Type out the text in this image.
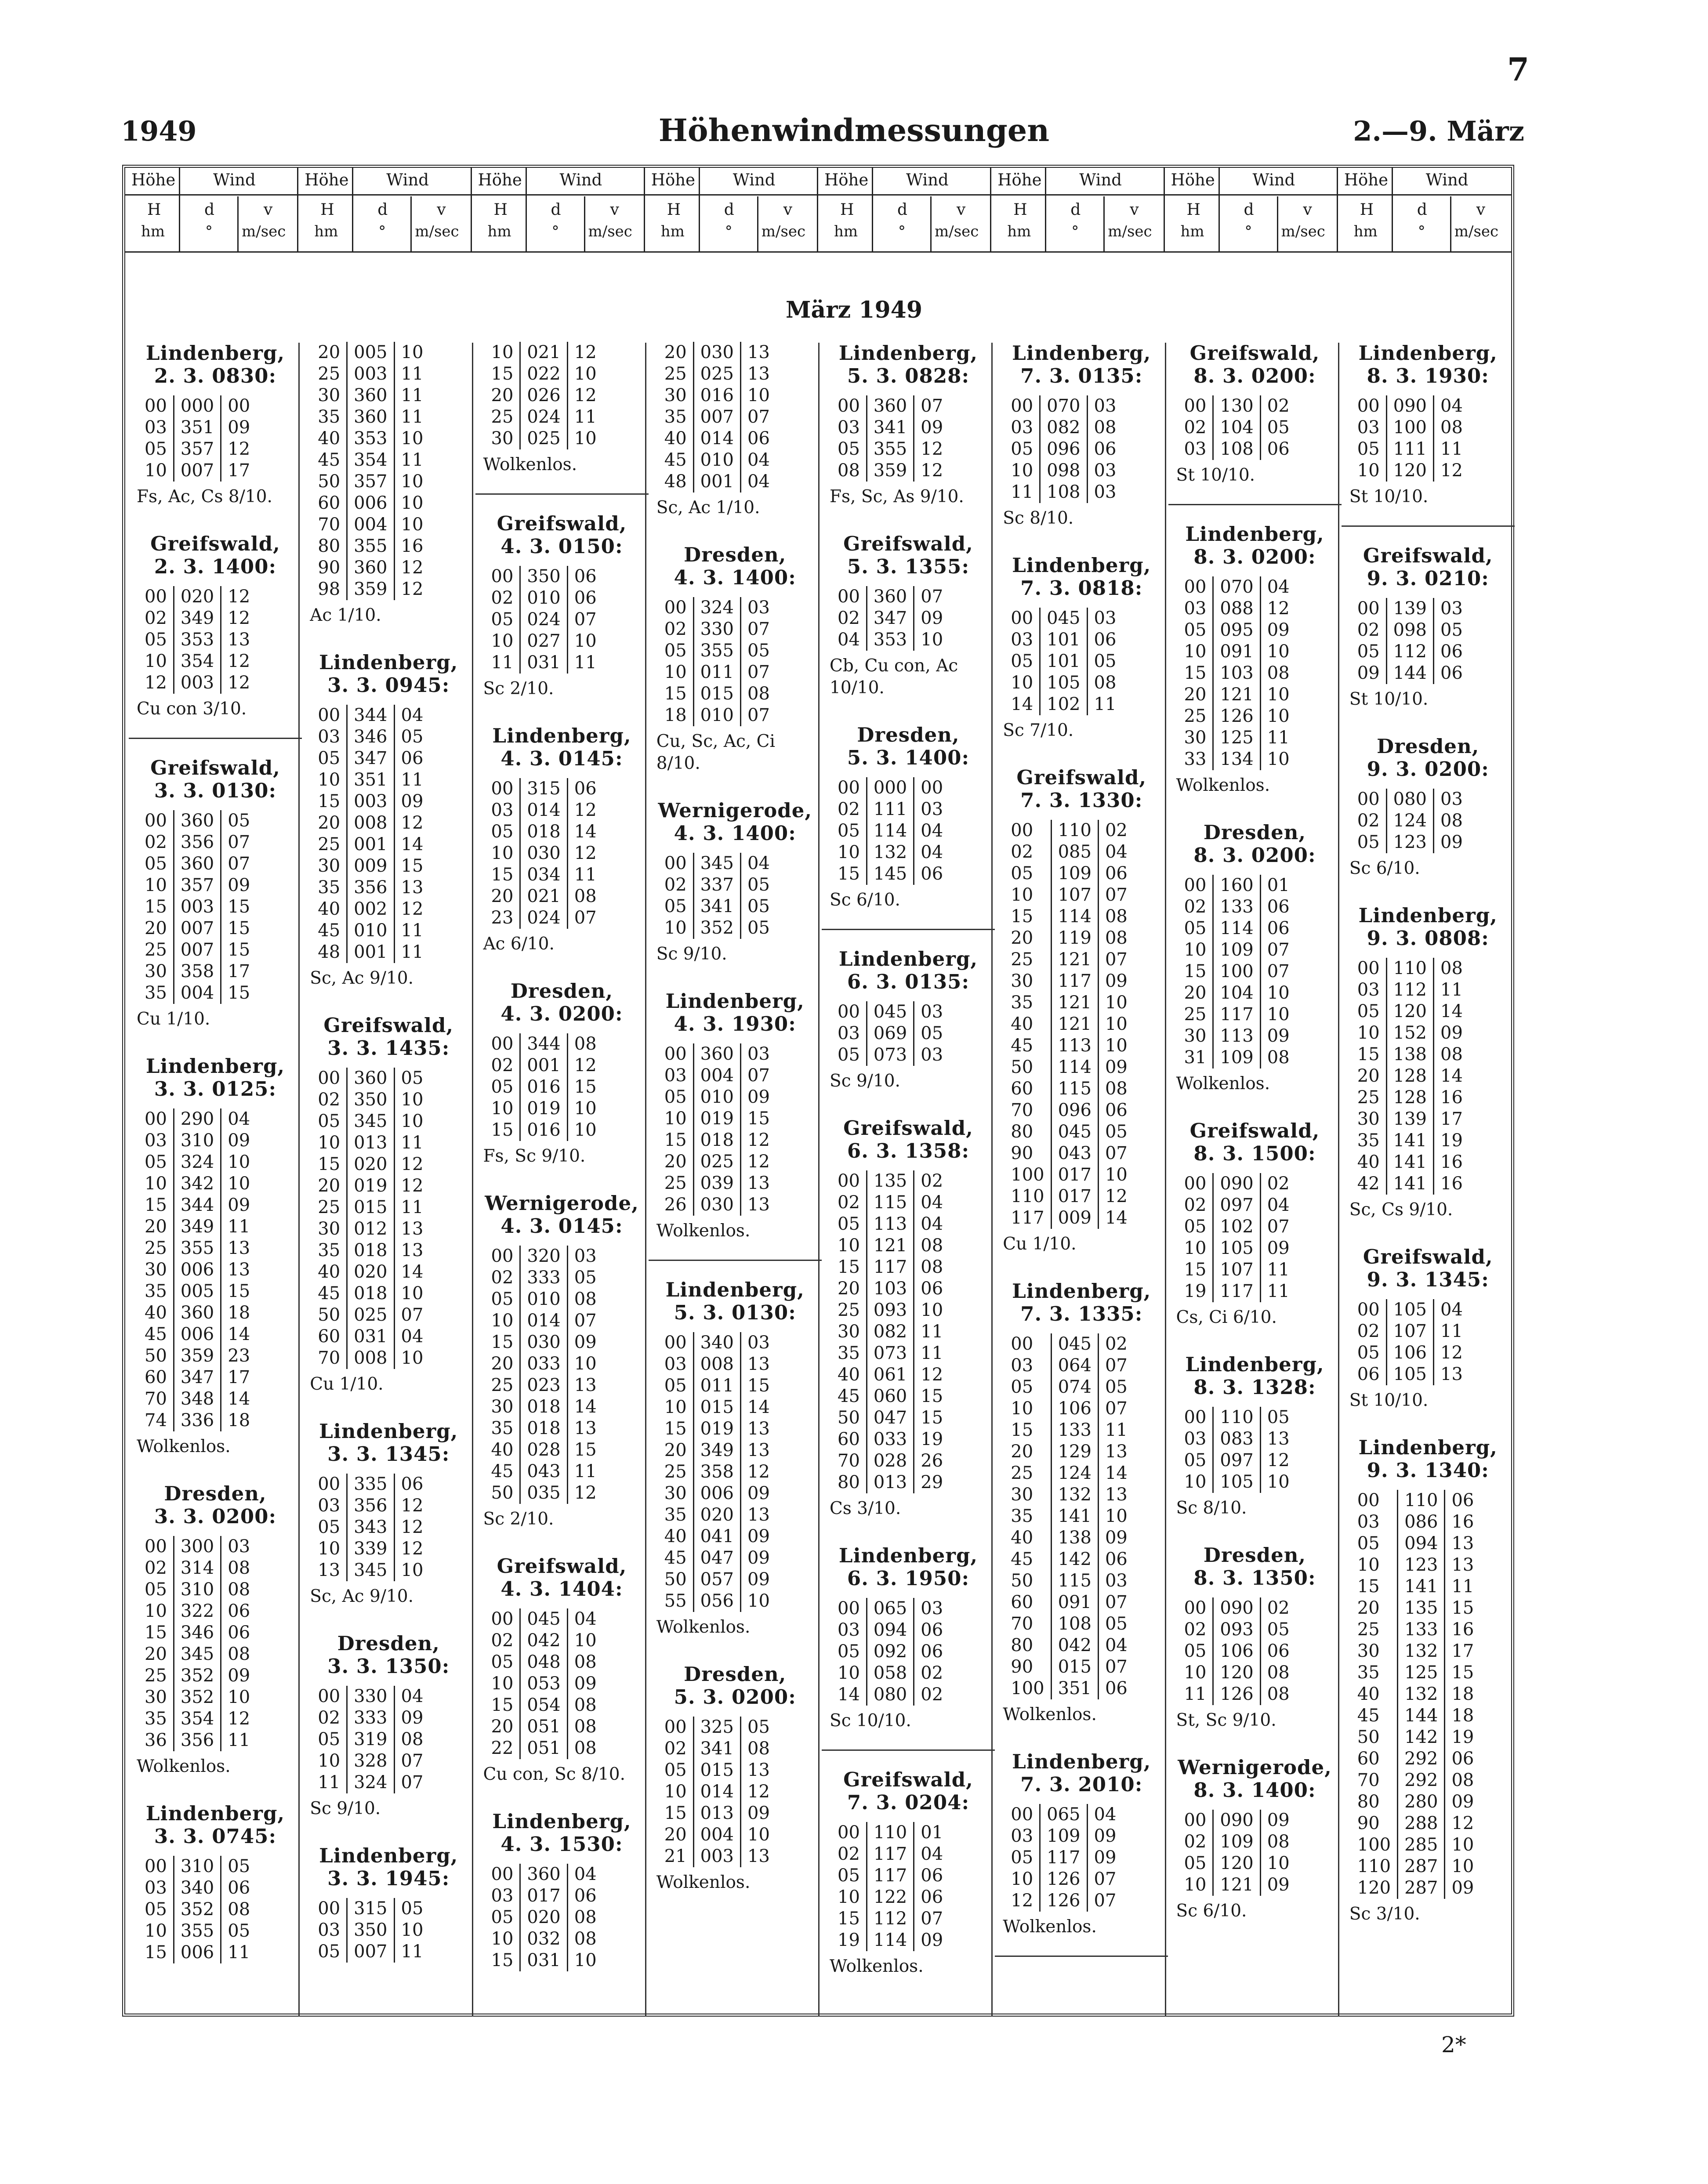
7
1949	Höhenwindmessungen	2.—9. März
Höhe Wind
H	d	v
hm	° m/sec
Höhe Wind
H	d	v
hm	° m/sec
Höhe Wind
H	d	v
hm	° m/sec
Höhe Wind
H	d	v
hm	° m/sec
Höhe Wind
H	d	v
hm	° m/sec
Höhe Wind
H	d	v
hm	° m/sec
Höhe Wind
H	d	v
hm	° m/sec
Höhe Wind
H	d	v
hm	° m/sec
März 1949
Lindenberg,
2. 3. 0830:
00	000	00
03	351	09
05	357	12
10	007	17
Fs, Ac, Cs 8/10.
Greifswald,
2. 3. 1400:
00	020	12
02	349	12
05	353	13
10	354	12
12	003	12
Cu con 3/10.
Greifswald,
3. 3. 0130:
00	360	05
02	356	07
05	360	07
10	357	09
15	003	15
20	007	15
25	007	15
30	358	17
35	004	15
Cu 1/10.
Lindenberg,
3. 3. 0125:
00	290	04
03	310	09
05	324	10
10	342	10
15	344	09
20	349	11
25	355	13
30	006	13
35	005	15
40	360	18
45	006	14
50	359	23
60	347	17
70	348	14
74	336	18
Wolkenlos.
Dresden,
3. 3. 0200:
00	300	03
02	314	08
05	310	08
10	322	06
15	346	06
20	345	08
25	352	09
30	352	10
35	354	12
36	356	11
Wolkenlos.
Lindenberg,
3. 3. 0745:
00	310	05
03	340	06
05	352	08
10	355	05
15	006	11
20	005	10
25	003	11
30	360	11
35	360	11
40	353	10
45	354	11
50	357	10
60	006	10
70	004	10
80	355	16
90	360	12
98	359	12
Ac 1/10.
Lindenberg,
3. 3. 0945:
00	344	04
03	346	05
05	347	06
10	351	11
15	003	09
20	008	12
25	001	14
30	009	15
35	356	13
40	002	12
45	010	11
48	001	11
Sc, Ac 9/10.
Greifswald,
3. 3. 1435:
00	360	05
02	350	10
05	345	10
10	013	11
15	020	12
20	019	12
25	015	11
30	012	13
35	018	13
40	020	14
45	018	10
50	025	07
60	031	04
70	008	10
Cu 1/10.
Lindenberg,
3. 3. 1345:
00	335	06
03	356	12
05	343	12
10	339	12
13	345	10
Sc, Ac 9/10.
Dresden,
3. 3. 1350:
00	330	04
02	333	09
05	319	08
10	328	07
11	324	07
Sc 9/10.
Lindenberg,
3. 3. 1945:
00	315	05
03	350	10
05	007	11
10	021	12
15	022	10
20	026	12
25	024	11
30	025	10
Wolkenlos.
Greifswald,
4. 3. 0150:
00	350	06
02	010	06
05	024	07
10	027	10
11	031	11
Sc 2/10.
Lindenberg,
4. 3. 0145:
00	315	06
03	014	12
05	018	14
10	030	12
15	034	11
20	021	08
23	024	07
Ac 6/10.
Dresden,
4. 3. 0200:
00	344	08
02	001	12
05	016	15
10	019	10
15	016	10
Fs, Sc 9/10.
Wernigerode,
4. 3. 0145:
00	320	03
02	333	05
05	010	08
10	014	07
15	030	09
20	033	10
25	023	13
30	018	14
35	018	13
40	028	15
45	043	11
50	035	12
Sc 2/10.
Greifswald,
4. 3. 1404:
00	045	04
02	042	10
05	048	08
10	053	09
15	054	08
20	051	08
22	051	08
Cu con, Sc 8/10.
Lindenberg,
4. 3. 1530:
00	360	04
03	017	06
05	020	08
10	032	08
15	031	10
20	030	13
25	025	13
30	016	10
35	007	07
40	014	06
45	010	04
48	001	04
Sc, Ac 1/10.
Dresden,
4. 3. 1400:
00	324	03
02	330	07
05	355	05
10	011	07
15	015	08
18	010	07
Cu, Sc, Ac, Ci 8/10.
Wernigerode,
4. 3. 1400:
00	345	04
02	337	05
05	341	05
10	352	05
Sc 9/10.
Lindenberg,
4. 3. 1930:
00	360	03
03	004	07
05	010	09
10	019	15
15	018	12
20	025	12
25	039	13
26	030	13
Wolkenlos.
Lindenberg,
5. 3. 0130:
00	340	03
03	008	13
05	011	15
10	015	14
15	019	13
20	349	13
25	358	12
30	006	09
35	020	13
40	041	09
45	047	09
50	057	09
55	056	10
Wolkenlos.
Dresden,
5. 3. 0200:
00	325	05
02	341	08
05	015	13
10	014	12
15	013	09
20	004	10
21	003	13
Wolkenlos.
Lindenberg,
5. 3. 0828:
00	360	07
03	341	09
05	355	12
08	359	12
Fs, Sc, As 9/10.
Greifswald,
5. 3. 1355:
00	360	07
02	347	09
04	353	10
Cb, Cu con, Ac 10/10.
Dresden,
5. 3. 1400:
00	000	00
02	111	03
05	114	04
10	132	04
15	145	06
Sc 6/10.
Lindenberg,
6. 3. 0135:
00	045	03
03	069	05
05	073	03
Sc 9/10.
Greifswald,
6. 3. 1358:
00	135	02
02	115	04
05	113	04
10	121	08
15	117	08
20	103	06
25	093	10
30	082	11
35	073	11
40	061	12
45	060	15
50	047	15
60	033	19
70	028	26
80	013	29
Cs 3/10.
Lindenberg,
6. 3. 1950:
00	065	03
03	094	06
05	092	06
10	058	02
14	080	02
Sc 10/10.
Greifswald,
7. 3. 0204:
00	110	01
02	117	04
05	117	06
10	122	06
15	112	07
19	114	09
Wolkenlos.
Lindenberg,
7. 3. 0135:
00	070	03
03	082	08
05	096	06
10	098	03
11	108	03
Sc 8/10.
Lindenberg,
7. 3. 0818:
00	045	03
03	101	06
05	101	05
10	105	08
14	102	11
Sc 7/10.
Greifswald,
7. 3. 1330:
00	110	02
02	085	04
05	109	06
10	107	07
15	114	08
20	119	08
25	121	07
30	117	09
35	121	10
40	121	10
45	113	10
50	114	09
60	115	08
70	096	06
80	045	05
90	043	07
100	017	10
110	017	12
117	009	14
Cu 1/10.
Lindenberg,
7. 3. 1335:
00	045	02
03	064	07
05	074	05
10	106	07
15	133	11
20	129	13
25	124	14
30	132	13
35	141	10
40	138	09
45	142	06
50	115	03
60	091	07
70	108	05
80	042	04
90	015	07
100	351	06
Wolkenlos.
Lindenberg,
7. 3. 2010:
00	065	04
03	109	09
05	117	09
10	126	07
12	126	07
Wolkenlos.
Greifswald,
8. 3. 0200:
00	130	02
02	104	05
03	108	06
St 10/10.
Lindenberg,
8. 3. 0200:
00	070	04
03	088	12
05	095	09
10	091	10
15	103	08
20	121	10
25	126	10
30	125	11
33	134	10
Wolkenlos.
Dresden,
8. 3. 0200:
00	160	01
02	133	06
05	114	06
10	109	07
15	100	07
20	104	10
25	117	10
30	113	09
31	109	08
Wolkenlos.
Greifswald,
8. 3. 1500:
00	090	02
02	097	04
05	102	07
10	105	09
15	107	11
19	117	11
Cs, Ci 6/10.
Lindenberg,
8. 3. 1328:
00	110	05
03	083	13
05	097	12
10	105	10
Sc 8/10.
Dresden,
8. 3. 1350:
00	090	02
02	093	05
05	106	06
10	120	08
11	126	08
St, Sc 9/10.
Wernigerode,
8. 3. 1400:
00	090	09
02	109	08
05	120	10
10	121	09
Sc 6/10.
Lindenberg,
8. 3. 1930:
00	090	04
03	100	08
05	111	11
10	120	12
St 10/10.
Greifswald,
9. 3. 0210:
00	139	03
02	098	05
05	112	06
09	144	06
St 10/10.
Dresden,
9. 3. 0200:
00	080	03
02	124	08
05	123	09
Sc 6/10.
Lindenberg,
9. 3. 0808:
00	110	08
03	112	11
05	120	14
10	152	09
15	138	08
20	128	14
25	128	16
30	139	17
35	141	19
40	141	16
42	141	16
Sc, Cs 9/10.
Greifswald,
9. 3. 1345:
00	105	04
02	107	11
05	106	12
06	105	13
St 10/10.
Lindenberg,
9. 3. 1340:
00	110	06
03	086	16
05	094	13
10	123	13
15	141	11
20	135	15
25	133	16
30	132	17
35	125	15
40	132	18
45	144	18
50	142	19
60	292	06
70	292	08
80	280	09
90	288	12
100	285	10
110	287	10
120	287	09
Sc 3/10.
2*
